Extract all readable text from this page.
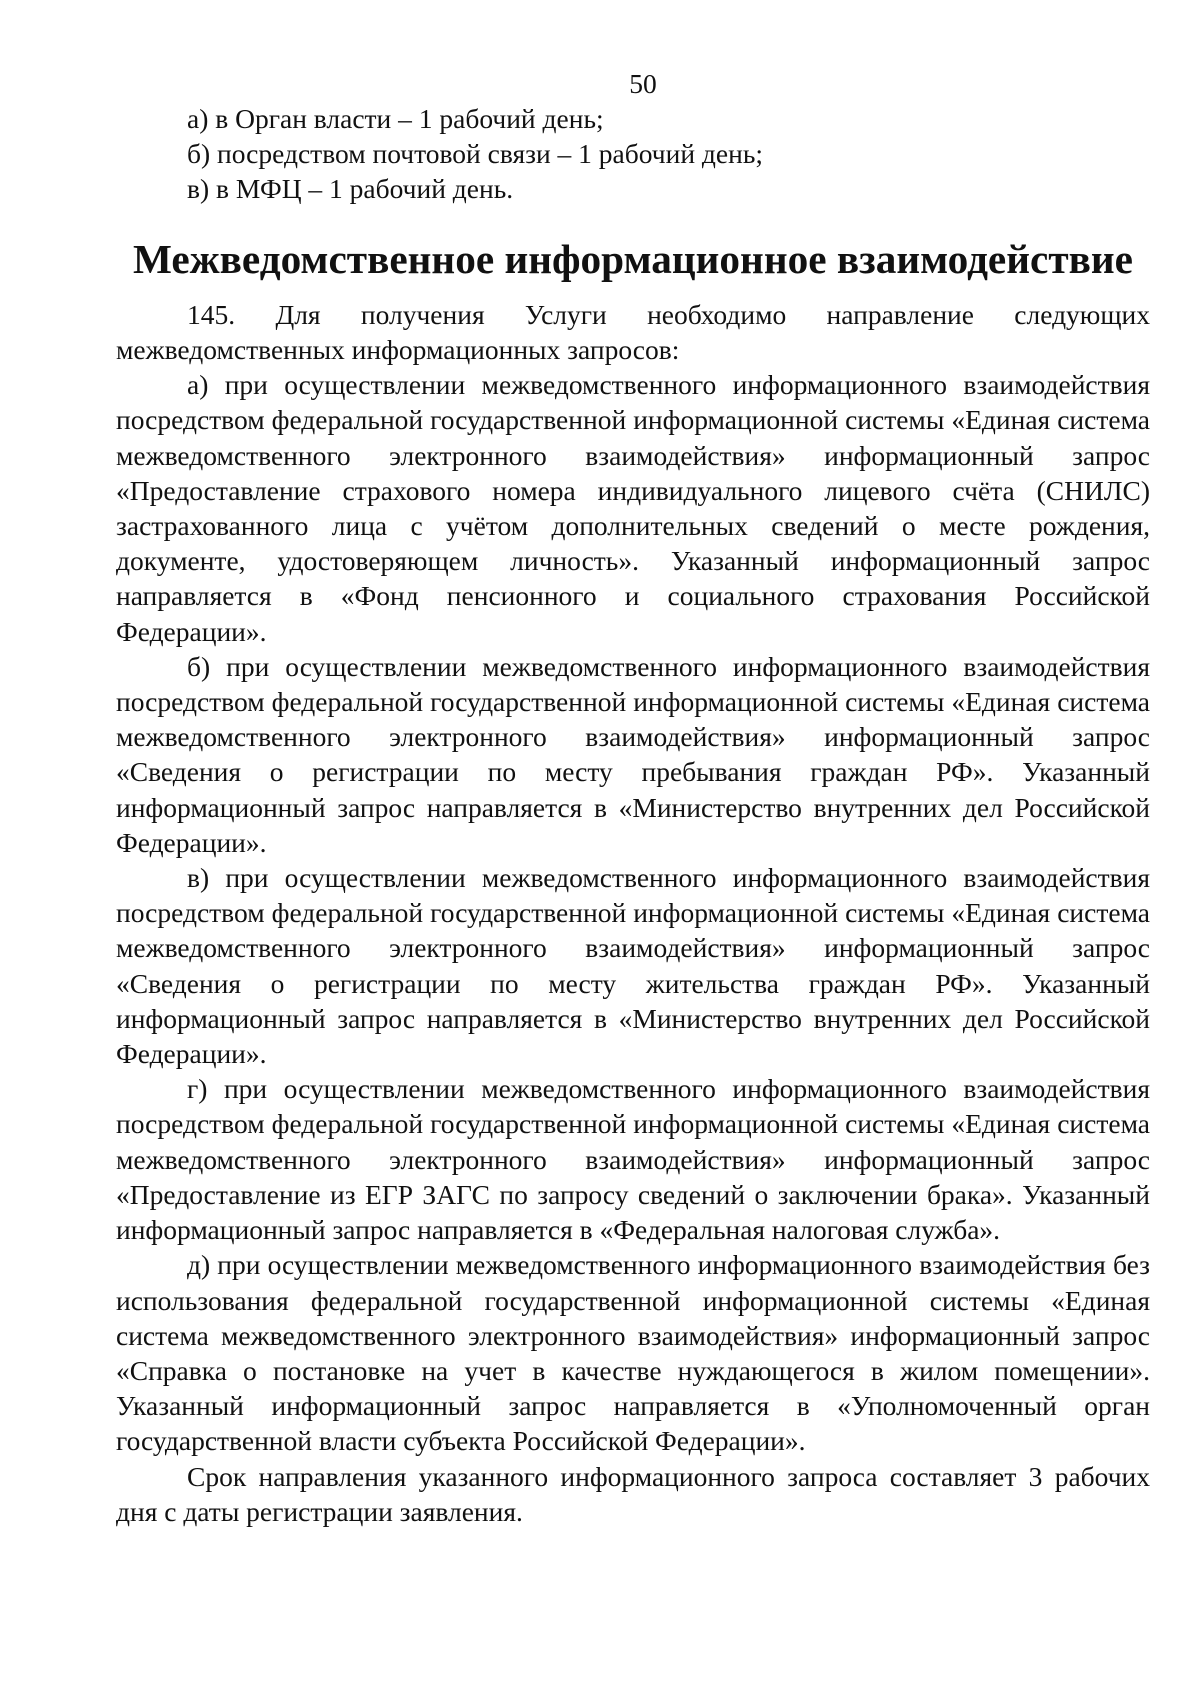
50

а) в Орган власти – 1 рабочий день;

б) посредством почтовой связи – 1 рабочий день;

в) в МФЦ – 1 рабочий день.

Межведомственное информационное взаимодействие

145. Для получения Услуги необходимо направление следующих межведомственных информационных запросов:

а) при осуществлении межведомственного информационного взаимодействия посредством федеральной государственной информационной системы «Единая система межведомственного электронного взаимодействия» информационный запрос «Предоставление страхового номера индивидуального лицевого счёта (СНИЛС) застрахованного лица с учётом дополнительных сведений о месте рождения, документе, удостоверяющем личность». Указанный информационный запрос направляется в «Фонд пенсионного и социального страхования Российской Федерации».

б) при осуществлении межведомственного информационного взаимодействия посредством федеральной государственной информационной системы «Единая система межведомственного электронного взаимодействия» информационный запрос «Сведения о регистрации по месту пребывания граждан РФ». Указанный информационный запрос направляется в «Министерство внутренних дел Российской Федерации».

в) при осуществлении межведомственного информационного взаимодействия посредством федеральной государственной информационной системы «Единая система межведомственного электронного взаимодействия» информационный запрос «Сведения о регистрации по месту жительства граждан РФ». Указанный информационный запрос направляется в «Министерство внутренних дел Российской Федерации».

г) при осуществлении межведомственного информационного взаимодействия посредством федеральной государственной информационной системы «Единая система межведомственного электронного взаимодействия» информационный запрос «Предоставление из ЕГР ЗАГС по запросу сведений о заключении брака». Указанный информационный запрос направляется в «Федеральная налоговая служба».

д) при осуществлении межведомственного информационного взаимодействия без использования федеральной государственной информационной системы «Единая система межведомственного электронного взаимодействия» информационный запрос «Справка о постановке на учет в качестве нуждающегося в жилом помещении». Указанный информационный запрос направляется в «Уполномоченный орган государственной власти субъекта Российской Федерации».

Срок направления указанного информационного запроса составляет 3 рабочих дня с даты регистрации заявления.
